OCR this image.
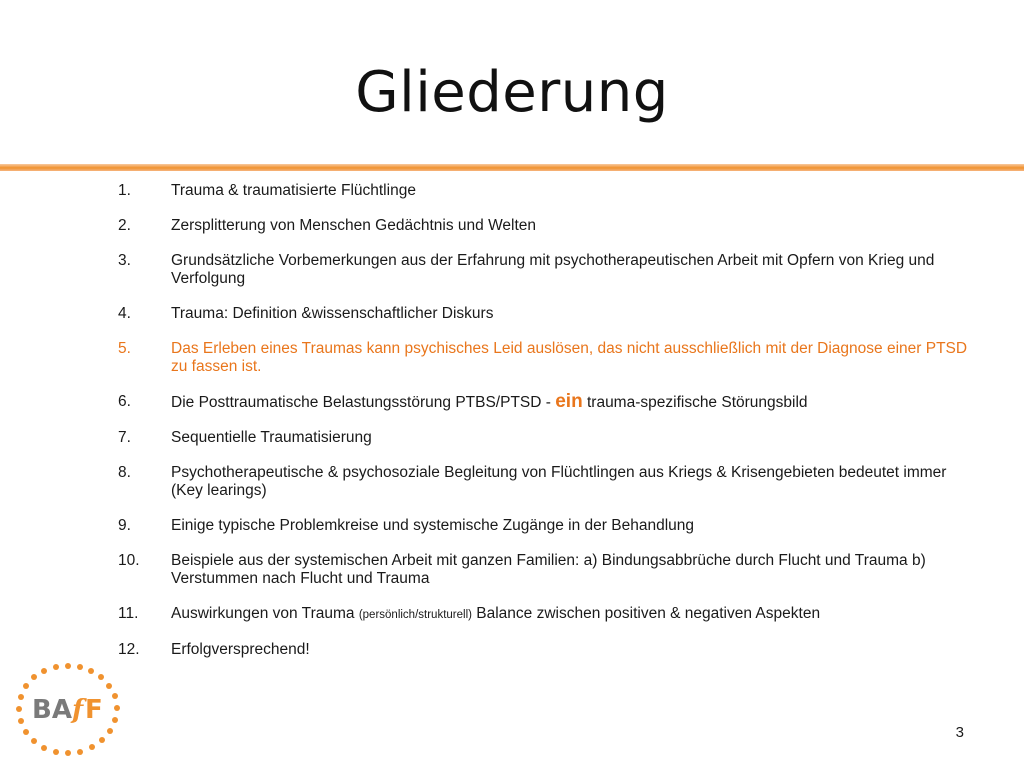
Gliederung
1.	Trauma & traumatisierte Flüchtlinge
2.	Zersplitterung von Menschen Gedächtnis und Welten
3.	Grundsätzliche Vorbemerkungen aus der Erfahrung mit psychotherapeutischen Arbeit mit Opfern von Krieg und Verfolgung
4.	Trauma: Definition &wissenschaftlicher Diskurs
5.	Das Erleben eines Traumas kann psychisches Leid auslösen, das nicht ausschließlich mit der Diagnose einer PTSD zu fassen ist.
6.	Die Posttraumatische Belastungsstörung PTBS/PTSD - ein trauma-spezifische Störungsbild
7.	Sequentielle Traumatisierung
8.	Psychotherapeutische & psychosoziale Begleitung von Flüchtlingen aus Kriegs & Krisengebieten bedeutet immer (Key learings)
9.	Einige typische Problemkreise und systemische Zugänge in der Behandlung
10.	Beispiele aus der systemischen Arbeit mit ganzen Familien: a) Bindungsabbrüche durch Flucht und Trauma b) Verstummen nach Flucht und Trauma
11.	Auswirkungen von Trauma (persönlich/strukturell) Balance zwischen positiven & negativen Aspekten
12.	Erfolgversprechend!
BA f F
3
